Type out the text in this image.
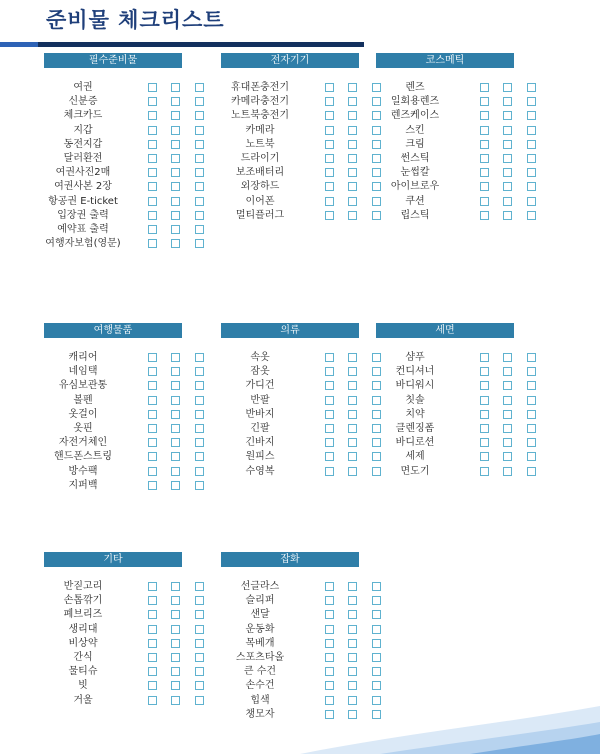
준비물 체크리스트
필수준비물
여권
신분증
체크카드
지갑
동전지갑
달러환전
여권사진2매
여권사본 2장
항공권 E-ticket
입장권 출력
예약표 출력
여행자보험(영문)
전자기기
휴대폰충전기
카메라충전기
노트북충전기
카메라
노트북
드라이기
보조배터리
외장하드
이어폰
멀티플러그
코스메틱
렌즈
일회용렌즈
렌즈케이스
스킨
크림
썬스틱
눈썹칼
아이브로우
쿠션
립스틱
여행물품
캐리어
네임택
유심보관통
볼펜
옷걸이
옷핀
자전거체인
핸드폰스트링
방수팩
지퍼백
의류
속옷
잠옷
가디건
반팔
반바지
긴팔
긴바지
원피스
수영복
세면
샴푸
컨디셔너
바디워시
칫솔
치약
클렌징폼
바디로션
세제
면도기
기타
반짇고리
손톱깎기
폐브리즈
생리대
비상약
간식
물티슈
빗
거울
잡화
선글라스
슬리퍼
샌달
운동화
목베개
스포츠타올
큰 수건
손수건
힙색
챙모자
